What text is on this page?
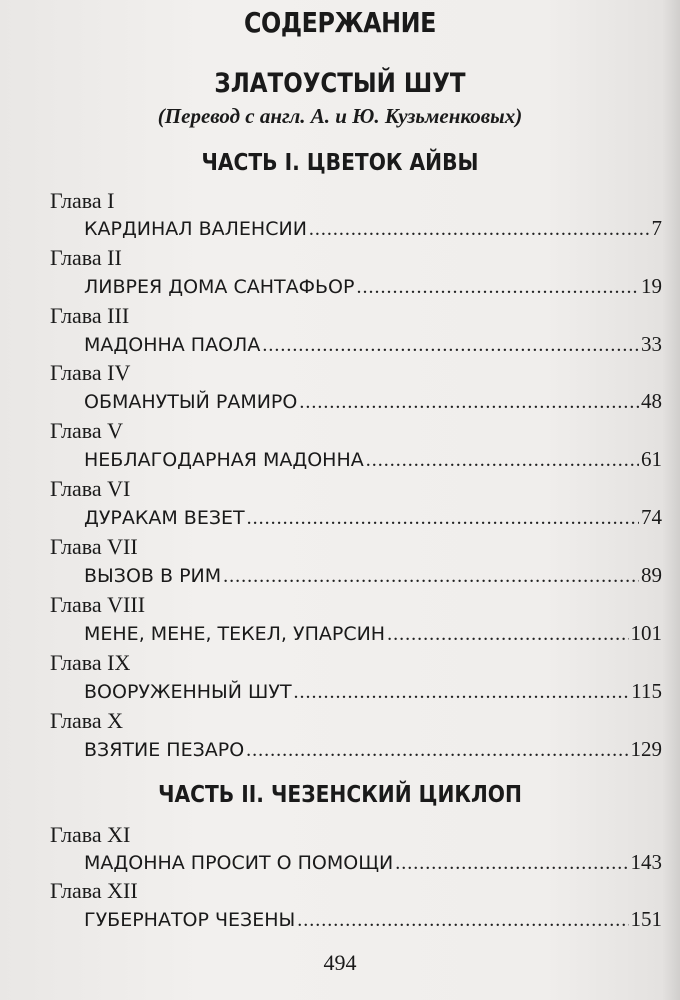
СОДЕРЖАНИЕ
ЗЛАТОУСТЫЙ ШУТ
(Перевод с англ. А. и Ю. Кузьменковых)
ЧАСТЬ I. ЦВЕТОК АЙВЫ
Глава I
КАРДИНАЛ ВАЛЕНСИИ .....	7
Глава II
ЛИВРЕЯ ДОМА САНТАФЬОР .....	19
Глава III
МАДОННА ПАОЛА .....	33
Глава IV
ОБМАНУТЫЙ РАМИРО .....	48
Глава V
НЕБЛАГОДАРНАЯ МАДОННА .....	61
Глава VI
ДУРАКАМ ВЕЗЕТ .....	74
Глава VII
ВЫЗОВ В РИМ .....	89
Глава VIII
МЕНЕ, МЕНЕ, ТЕКЕЛ, УПАРСИН .....	101
Глава IX
ВООРУЖЕННЫЙ ШУТ .....	115
Глава X
ВЗЯТИЕ ПЕЗАРО .....	129
ЧАСТЬ II. ЧЕЗЕНСКИЙ ЦИКЛОП
Глава XI
МАДОННА ПРОСИТ О ПОМОЩИ .....	143
Глава XII
ГУБЕРНАТОР ЧЕЗЕНЫ .....	151
494
